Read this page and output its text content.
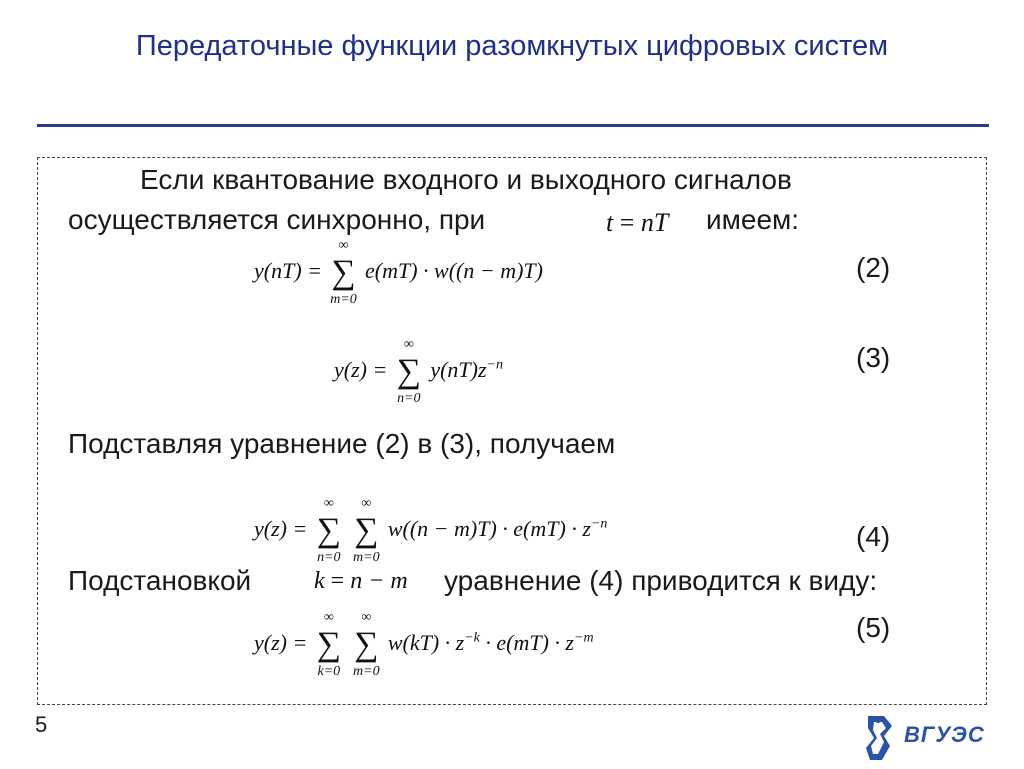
Передаточные функции разомкнутых цифровых систем
Если квантование входного и выходного сигналов
осуществляется синхронно, при	t = nT имеем:
y(nT) =
∞
∑
m=0
e(mT) · w((n − m)T)	(2)
y(z) =
∞
∑
n=0
$y(nT)z^{-n}$	(3)
Подставляя уравнение (2) в (3), получаем
y(z) =
∞
∑
n=0

∞
∑
m=0
$w((n - m)T) \cdot e(mT) \cdot z^{-n}$	(4)
Подстановкой	k = n − m уравнение (4) приводится к виду:
y(z) =
∞
∑
k=0

∞
∑
m=0
$w(kT) \cdot z^{-k} \cdot e(mT) \cdot z^{-m}$	(5)
5	ВГУЭС
